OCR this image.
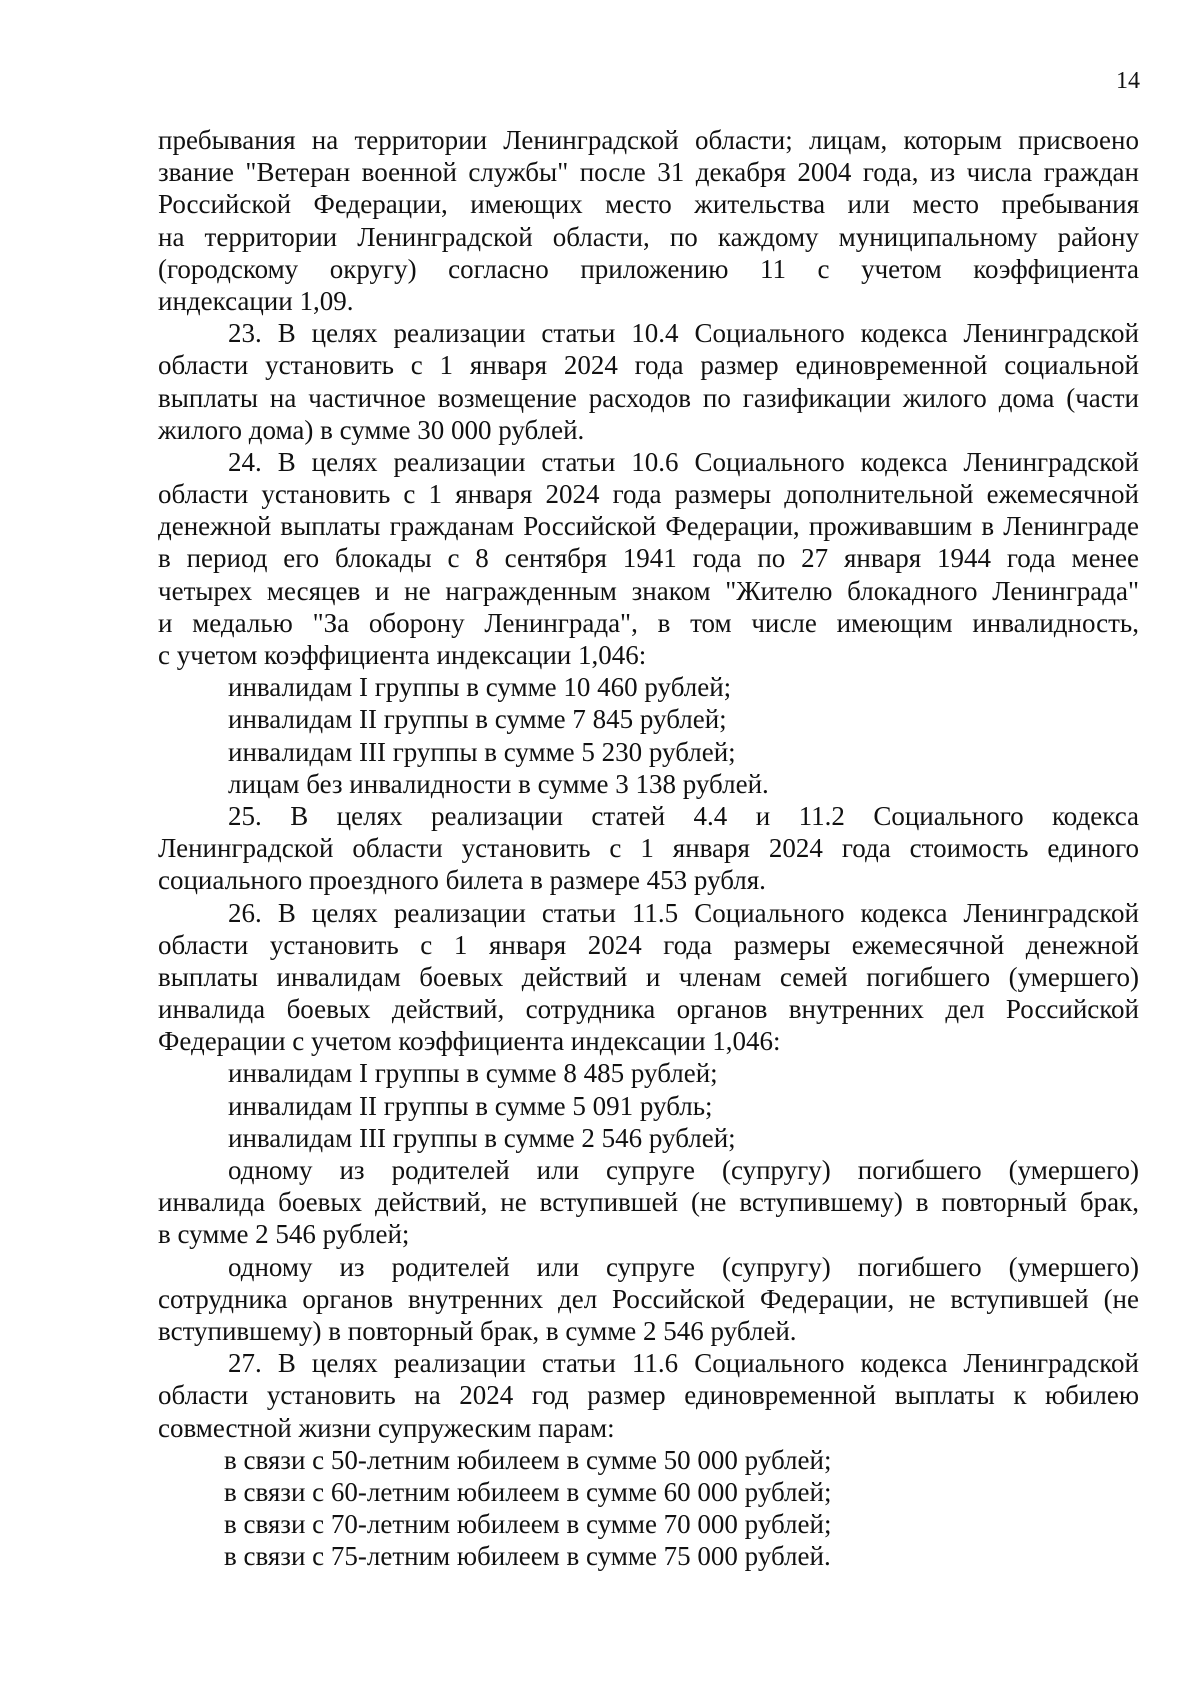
14
пребывания на территории Ленинградской области; лицам, которым присвоено
звание "Ветеран военной службы" после 31 декабря 2004 года, из числа граждан
Российской Федерации, имеющих место жительства или место пребывания
на территории Ленинградской области, по каждому муниципальному району
(городскому округу) согласно приложению 11 с учетом коэффициента
индексации 1,09.
23. В целях реализации статьи 10.4 Социального кодекса Ленинградской
области установить с 1 января 2024 года размер единовременной социальной
выплаты на частичное возмещение расходов по газификации жилого дома (части
жилого дома) в сумме 30 000 рублей.
24. В целях реализации статьи 10.6 Социального кодекса Ленинградской
области установить с 1 января 2024 года размеры дополнительной ежемесячной
денежной выплаты гражданам Российской Федерации, проживавшим в Ленинграде
в период его блокады с 8 сентября 1941 года по 27 января 1944 года менее
четырех месяцев и не награжденным знаком "Жителю блокадного Ленинграда"
и медалью "За оборону Ленинграда", в том числе имеющим инвалидность,
с учетом коэффициента индексации 1,046:
инвалидам I группы в сумме 10 460 рублей;
инвалидам II группы в сумме 7 845 рублей;
инвалидам III группы в сумме 5 230 рублей;
лицам без инвалидности в сумме 3 138 рублей.
25. В целях реализации статей 4.4 и 11.2 Социального кодекса
Ленинградской области установить с 1 января 2024 года стоимость единого
социального проездного билета в размере 453 рубля.
26. В целях реализации статьи 11.5 Социального кодекса Ленинградской
области установить с 1 января 2024 года размеры ежемесячной денежной
выплаты инвалидам боевых действий и членам семей погибшего (умершего)
инвалида боевых действий, сотрудника органов внутренних дел Российской
Федерации с учетом коэффициента индексации 1,046:
инвалидам I группы в сумме 8 485 рублей;
инвалидам II группы в сумме 5 091 рубль;
инвалидам III группы в сумме 2 546 рублей;
одному из родителей или супруге (супругу) погибшего (умершего)
инвалида боевых действий, не вступившей (не вступившему) в повторный брак,
в сумме 2 546 рублей;
одному из родителей или супруге (супругу) погибшего (умершего)
сотрудника органов внутренних дел Российской Федерации, не вступившей (не
вступившему) в повторный брак, в сумме 2 546 рублей.
27. В целях реализации статьи 11.6 Социального кодекса Ленинградской
области установить на 2024 год размер единовременной выплаты к юбилею
совместной жизни супружеским парам:
в связи с 50-летним юбилеем в сумме 50 000 рублей;
в связи с 60-летним юбилеем в сумме 60 000 рублей;
в связи с 70-летним юбилеем в сумме 70 000 рублей;
в связи с 75-летним юбилеем в сумме 75 000 рублей.
